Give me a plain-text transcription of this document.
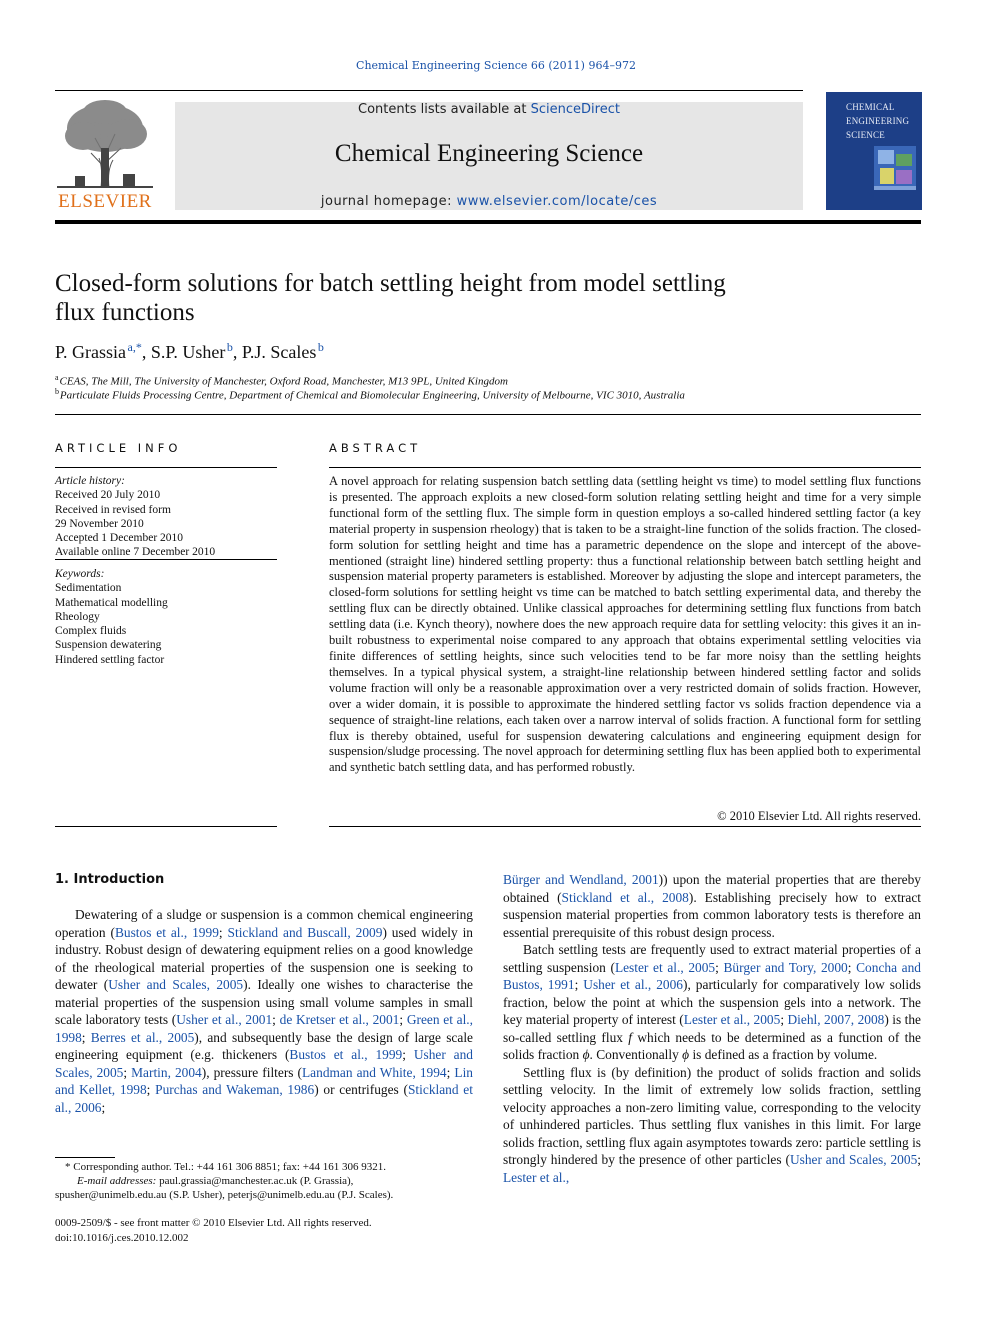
Chemical Engineering Science 66 (2011) 964–972
ELSEVIER
Contents lists available at ScienceDirect
Chemical Engineering Science
journal homepage: www.elsevier.com/locate/ces
CHEMICAL
ENGINEERING
SCIENCE
Closed-form solutions for batch settling height from model settling
flux functions
P. Grassia  $^{a,*}$, S.P. Usher  $^b$, P.J. Scales  $^b$
$^a$ CEAS, The Mill, The University of Manchester, Oxford Road, Manchester, M13 9PL, United Kingdom
$^b$ Particulate Fluids Processing Centre, Department of Chemical and Biomolecular Engineering, University of Melbourne, VIC 3010, Australia
ARTICLE INFO
Article history:
Received 20 July 2010
Received in revised form
29 November 2010
Accepted 1 December 2010
Available online 7 December 2010
Keywords:
Sedimentation
Mathematical modelling
Rheology
Complex fluids
Suspension dewatering
Hindered settling factor
ABSTRACT
A novel approach for relating suspension batch settling data (settling height vs time) to model settling flux functions is presented. The approach exploits a new closed-form solution relating settling height and time for a very simple functional form of the settling flux. The simple form in question employs a so-called hindered settling factor (a key material property in suspension rheology) that is taken to be a straight-line function of the solids fraction. The closed-form solution for settling height and time has a parametric dependence on the slope and intercept of the above-mentioned (straight line) hindered settling property: thus a functional relationship between batch settling height and suspension material property parameters is established. Moreover by adjusting the slope and intercept parameters, the closed-form solutions for settling height vs time can be matched to batch settling experimental data, and thereby the settling flux can be directly obtained. Unlike classical approaches for determining settling flux functions from batch settling data (i.e. Kynch theory), nowhere does the new approach require data for settling velocity: this gives it an in-built robustness to experimental noise compared to any approach that obtains experimental settling velocities via finite differences of settling heights, since such velocities tend to be far more noisy than the settling heights themselves. In a typical physical system, a straight-line relationship between hindered settling factor and solids volume fraction will only be a reasonable approximation over a very restricted domain of solids fraction. However, over a wider domain, it is possible to approximate the hindered settling factor vs solids fraction dependence via a sequence of straight-line relations, each taken over a narrow interval of solids fraction. A functional form for settling flux is thereby obtained, useful for suspension dewatering calculations and engineering equipment design for suspension/sludge processing. The novel approach for determining settling flux has been applied both to experimental and synthetic batch settling data, and has performed robustly.
© 2010 Elsevier Ltd. All rights reserved.
1. Introduction

Dewatering of a sludge or suspension is a common chemical engineering operation (Bustos et al., 1999; Stickland and Buscall, 2009) used widely in industry. Robust design of dewatering equipment relies on a good knowledge of the rheological material properties of the suspension one is seeking to dewater (Usher and Scales, 2005). Ideally one wishes to characterise the material properties of the suspension using small volume samples in small scale laboratory tests (Usher et al., 2001; de Kretser et al., 2001; Green et al., 1998; Berres et al., 2005), and subsequently base the design of large scale engineering equipment (e.g. thickeners (Bustos et al., 1999; Usher and Scales, 2005; Martin, 2004), pressure filters (Landman and White, 1994; Lin and Kellet, 1998; Purchas and Wakeman, 1986) or centrifuges (Stickland et al., 2006;

Bürger and Wendland, 2001)) upon the material properties that are thereby obtained (Stickland et al., 2008). Establishing precisely how to extract suspension material properties from common laboratory tests is therefore an essential prerequisite of this robust design process.

Batch settling tests are frequently used to extract material properties of a settling suspension (Lester et al., 2005; Bürger and Tory, 2000; Concha and Bustos, 1991; Usher et al., 2006), particularly for comparatively low solids fraction, below the point at which the suspension gels into a network. The key material property of interest (Lester et al., 2005; Diehl, 2007, 2008) is the so-called settling flux f which needs to be determined as a function of the solids fraction ϕ. Conventionally ϕ is defined as a fraction by volume.

Settling flux is (by definition) the product of solids fraction and solids settling velocity. In the limit of extremely low solids fraction, settling velocity approaches a non-zero limiting value, corresponding to the velocity of unhindered particles. Thus settling flux vanishes in this limit. For large solids fraction, settling flux again asymptotes towards zero: particle settling is strongly hindered by the presence of other particles (Usher and Scales, 2005; Lester et al.,

* Corresponding author. Tel.: +44 161 306 8851; fax: +44 161 306 9321.
E-mail addresses: paul.grassia@manchester.ac.uk (P. Grassia),
spusher@unimelb.edu.au (S.P. Usher), peterjs@unimelb.edu.au (P.J. Scales).
0009-2509/$ - see front matter © 2010 Elsevier Ltd. All rights reserved.
doi:10.1016/j.ces.2010.12.002
